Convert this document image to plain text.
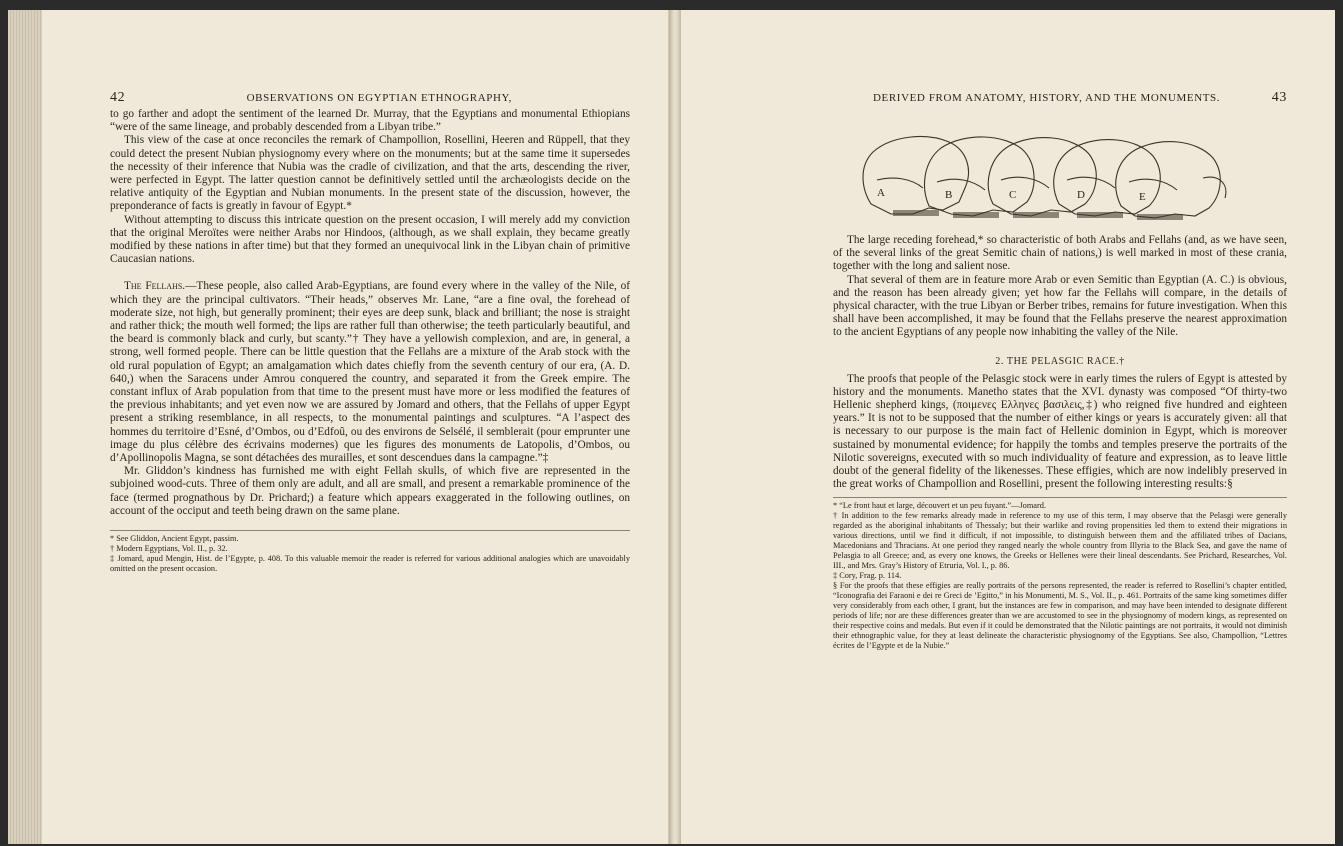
42	OBSERVATIONS ON EGYPTIAN ETHNOGRAPHY,

to go farther and adopt the sentiment of the learned Dr. Murray, that the Egyptians and monumental Ethiopians “were of the same lineage, and probably descended from a Libyan tribe.”

This view of the case at once reconciles the remark of Champollion, Rosellini, Heeren and Rüppell, that they could detect the present Nubian physiognomy every where on the monuments; but at the same time it supersedes the necessity of their inference that Nubia was the cradle of civilization, and that the arts, descending the river, were perfected in Egypt. The latter question cannot be definitively settled until the archæologists decide on the relative antiquity of the Egyptian and Nubian monuments. In the present state of the discussion, however, the preponderance of facts is greatly in favour of Egypt.*

Without attempting to discuss this intricate question on the present occasion, I will merely add my conviction that the original Meroïtes were neither Arabs nor Hindoos, (although, as we shall explain, they became greatly modified by these nations in after time) but that they formed an unequivocal link in the Libyan chain of primitive Caucasian nations.

The Fellahs.—These people, also called Arab-Egyptians, are found every where in the valley of the Nile, of which they are the principal cultivators. “Their heads,” observes Mr. Lane, “are a fine oval, the forehead of moderate size, not high, but generally prominent; their eyes are deep sunk, black and brilliant; the nose is straight and rather thick; the mouth well formed; the lips are rather full than otherwise; the teeth particularly beautiful, and the beard is commonly black and curly, but scanty.”† They have a yellowish complexion, and are, in general, a strong, well formed people. There can be little question that the Fellahs are a mixture of the Arab stock with the old rural population of Egypt; an amalgamation which dates chiefly from the seventh century of our era, (A. D. 640,) when the Saracens under Amrou conquered the country, and separated it from the Greek empire. The constant influx of Arab population from that time to the present must have more or less modified the features of the previous inhabitants; and yet even now we are assured by Jomard and others, that the Fellahs of upper Egypt present a striking resemblance, in all respects, to the monumental paintings and sculptures. “A l’aspect des hommes du territoire d’Esné, d’Ombos, ou d’Edfoû, ou des environs de Selsélé, il semblerait (pour emprunter une image du plus célèbre des écrivains modernes) que les figures des monuments de Latopolis, d’Ombos, ou d’Apollinopolis Magna, se sont détachées des murailles, et sont descendues dans la campagne.”‡

Mr. Gliddon’s kindness has furnished me with eight Fellah skulls, of which five are represented in the subjoined wood-cuts. Three of them only are adult, and all are small, and present a remarkable prominence of the face (termed prognathous by Dr. Prichard;) a feature which appears exaggerated in the following outlines, on account of the occiput and teeth being drawn on the same plane.

* See Gliddon, Ancient Egypt, passim.

† Modern Egyptians, Vol. II., p. 32.

‡ Jomard, apud Mengin, Hist. de l’Egypte, p. 408. To this valuable memoir the reader is referred for various additional analogies which are unavoidably omitted on the present occasion.

DERIVED FROM ANATOMY, HISTORY, AND THE MONUMENTS.	43
A	B	C	D	E

The large receding forehead,* so characteristic of both Arabs and Fellahs (and, as we have seen, of the several links of the great Semitic chain of nations,) is well marked in most of these crania, together with the long and salient nose.

That several of them are in feature more Arab or even Semitic than Egyptian (A. C.) is obvious, and the reason has been already given; yet how far the Fellahs will compare, in the details of physical character, with the true Libyan or Berber tribes, remains for future investigation. When this shall have been accomplished, it may be found that the Fellahs preserve the nearest approximation to the ancient Egyptians of any people now inhabiting the valley of the Nile.

2. THE PELASGIC RACE.†

The proofs that people of the Pelasgic stock were in early times the rulers of Egypt is attested by history and the monuments. Manetho states that the XVI. dynasty was composed “Of thirty-two Hellenic shepherd kings, (ποιμενες Ελληνες βασιλεις,‡) who reigned five hundred and eighteen years.” It is not to be supposed that the number of either kings or years is accurately given: all that is necessary to our purpose is the main fact of Hellenic dominion in Egypt, which is moreover sustained by monumental evidence; for happily the tombs and temples preserve the portraits of the Nilotic sovereigns, executed with so much individuality of feature and expression, as to leave little doubt of the general fidelity of the likenesses. These effigies, which are now indelibly preserved in the great works of Champollion and Rosellini, present the following interesting results:§

* “Le front haut et large, découvert et un peu fuyant.”—Jomard.

† In addition to the few remarks already made in reference to my use of this term, I may observe that the Pelasgi were generally regarded as the aboriginal inhabitants of Thessaly; but their warlike and roving propensities led them to extend their migrations in various directions, until we find it difficult, if not impossible, to distinguish between them and the affiliated tribes of Dacians, Macedonians and Thracians. At one period they ranged nearly the whole country from Illyria to the Black Sea, and gave the name of Pelasgia to all Greece; and, as every one knows, the Greeks or Hellenes were their lineal descendants. See Prichard, Researches, Vol. III., and Mrs. Gray’s History of Etruria, Vol. I., p. 86.

‡ Cory, Frag. p. 114.

§ For the proofs that these effigies are really portraits of the persons represented, the reader is referred to Rosellini’s chapter entitled, “Iconografia dei Faraoni e dei re Greci de ’Egitto,” in his Monumenti, M. S., Vol. II., p. 461. Portraits of the same king sometimes differ very considerably from each other, I grant, but the instances are few in comparison, and may have been intended to designate different periods of life; nor are these differences greater than we are accustomed to see in the physiognomy of modern kings, as represented on their respective coins and medals. But even if it could be demonstrated that the Nilotic paintings are not portraits, it would not diminish their ethnographic value, for they at least delineate the characteristic physiognomy of the Egyptians. See also, Champollion, “Lettres écrites de l’Egypte et de la Nubie.”
